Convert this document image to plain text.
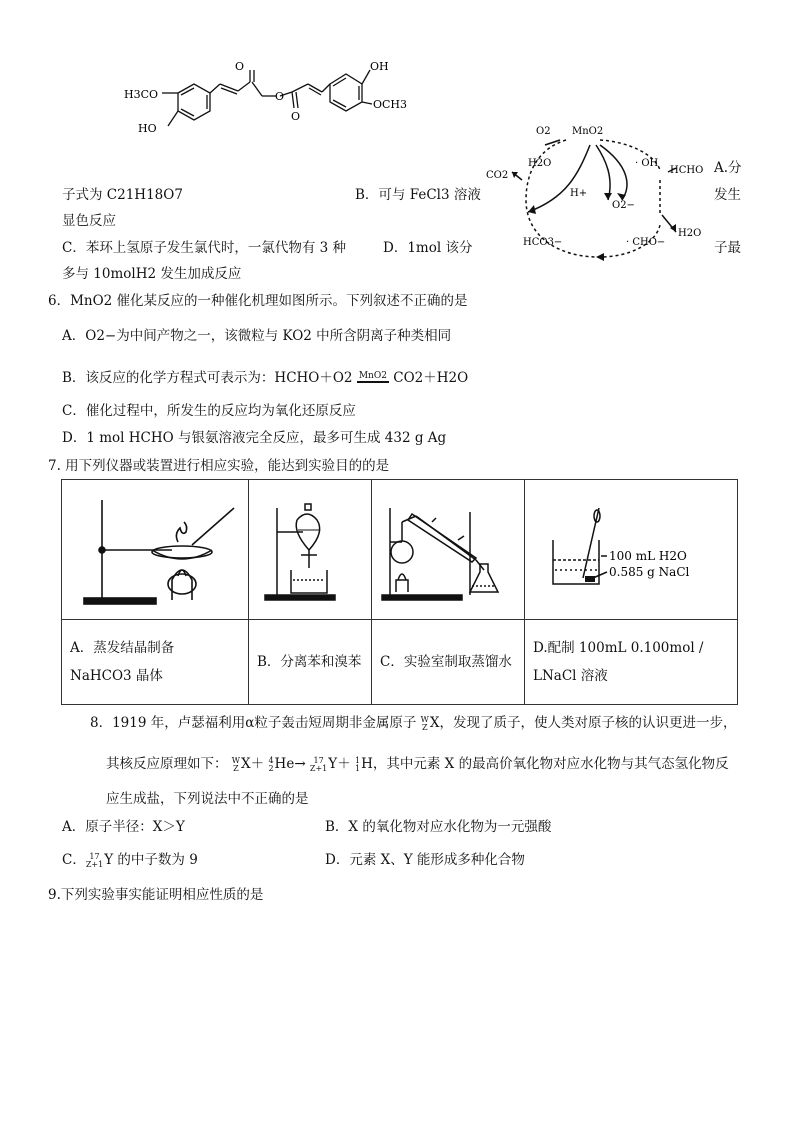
H3CO
HO
O
O
O
OH
OCH3
O2 MnO2
H2O
CO2
H+
· OH
HCHO
O2−
H2O
HCO3−	· CHO−
A.分
子式为 C21H18O7	B．可与 FeCl3 溶液	发生
显色反应
C．苯环上氢原子发生氯代时，一氯代物有 3 种	D．1mol 该分	子最
多与 10molH2 发生加成反应
6．MnO2 催化某反应的一种催化机理如图所示。下列叙述不正确的是
A．O2−为中间产物之一，该微粒与 KO2 中所含阴离子种类相同
B．该反应的化学方程式可表示为：HCHO＋O2 MnO2 CO2＋H2O
C．催化过程中，所发生的反应均为氧化还原反应
D．1 mol HCHO 与银氨溶液完全反应，最多可生成 432 g Ag
7. 用下列仪器或装置进行相应实验，能达到实验目的的是

100 mL H2O
0.585 g NaCl

A．蒸发结晶制备 NaHCO3 晶体	B．分离苯和溴苯	C．实验室制取蒸馏水	D.配制 100mL 0.100mol / LNaCl 溶液
8．1919 年，卢瑟福利用α粒子轰击短周期非金属原子 W
Z X，发现了质子，使人类对原子核的认识更进一步，
其核反应原理如下： W
Z X＋ 4
2He→ 17
Z+1Y＋ 1
1H，其中元素 X 的最高价氧化物对应水化物与其气态氢化物反
应生成盐，下列说法中不正确的是
A．原子半径：X＞Y	B．X 的氧化物对应水化物为一元强酸
C． 17
Z+1Y 的中子数为 9	D．元素 X、Y 能形成多种化合物
9.下列实验事实能证明相应性质的是
